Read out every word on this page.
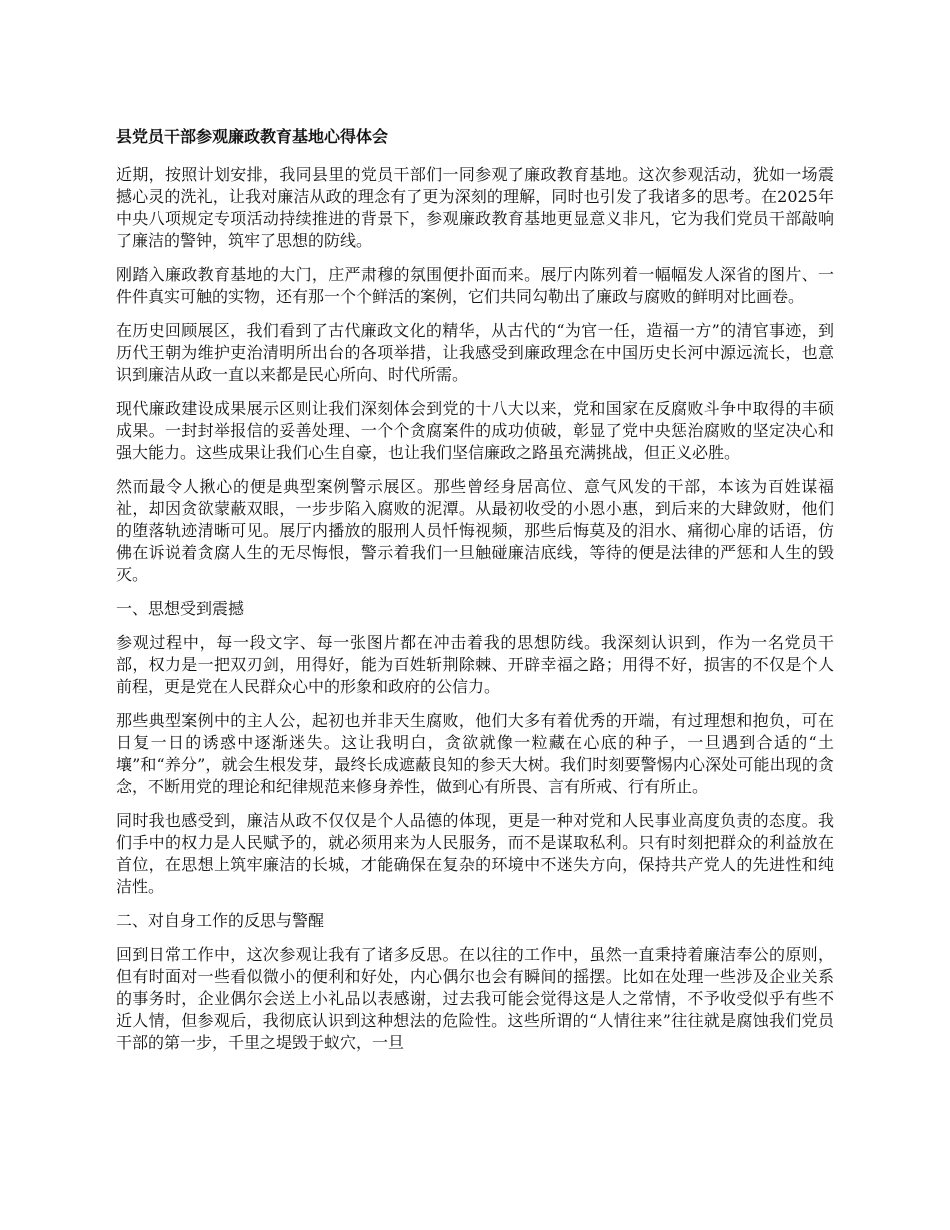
县党员干部参观廉政教育基地心得体会

近期，按照计划安排，我同县里的党员干部们一同参观了廉政教育基地。这次参观活动，犹如一场震撼心灵的洗礼，让我对廉洁从政的理念有了更为深刻的理解，同时也引发了我诸多的思考。在2025年中央八项规定专项活动持续推进的背景下，参观廉政教育基地更显意义非凡，它为我们党员干部敲响了廉洁的警钟，筑牢了思想的防线。

刚踏入廉政教育基地的大门，庄严肃穆的氛围便扑面而来。展厅内陈列着一幅幅发人深省的图片、一件件真实可触的实物，还有那一个个鲜活的案例，它们共同勾勒出了廉政与腐败的鲜明对比画卷。

在历史回顾展区，我们看到了古代廉政文化的精华，从古代的“为官一任，造福一方”的清官事迹，到历代王朝为维护吏治清明所出台的各项举措，让我感受到廉政理念在中国历史长河中源远流长，也意识到廉洁从政一直以来都是民心所向、时代所需。

现代廉政建设成果展示区则让我们深刻体会到党的十八大以来，党和国家在反腐败斗争中取得的丰硕成果。一封封举报信的妥善处理、一个个贪腐案件的成功侦破，彰显了党中央惩治腐败的坚定决心和强大能力。这些成果让我们心生自豪，也让我们坚信廉政之路虽充满挑战，但正义必胜。

然而最令人揪心的便是典型案例警示展区。那些曾经身居高位、意气风发的干部，本该为百姓谋福祉，却因贪欲蒙蔽双眼，一步步陷入腐败的泥潭。从最初收受的小恩小惠，到后来的大肆敛财，他们的堕落轨迹清晰可见。展厅内播放的服刑人员忏悔视频，那些后悔莫及的泪水、痛彻心扉的话语，仿佛在诉说着贪腐人生的无尽悔恨，警示着我们一旦触碰廉洁底线，等待的便是法律的严惩和人生的毁灭。

一、思想受到震撼

参观过程中，每一段文字、每一张图片都在冲击着我的思想防线。我深刻认识到，作为一名党员干部，权力是一把双刃剑，用得好，能为百姓斩荆除棘、开辟幸福之路；用得不好，损害的不仅是个人前程，更是党在人民群众心中的形象和政府的公信力。

那些典型案例中的主人公，起初也并非天生腐败，他们大多有着优秀的开端，有过理想和抱负，可在日复一日的诱惑中逐渐迷失。这让我明白，贪欲就像一粒藏在心底的种子，一旦遇到合适的“土壤”和“养分”，就会生根发芽，最终长成遮蔽良知的参天大树。我们时刻要警惕内心深处可能出现的贪念，不断用党的理论和纪律规范来修身养性，做到心有所畏、言有所戒、行有所止。

同时我也感受到，廉洁从政不仅仅是个人品德的体现，更是一种对党和人民事业高度负责的态度。我们手中的权力是人民赋予的，就必须用来为人民服务，而不是谋取私利。只有时刻把群众的利益放在首位，在思想上筑牢廉洁的长城，才能确保在复杂的环境中不迷失方向，保持共产党人的先进性和纯洁性。

二、对自身工作的反思与警醒

回到日常工作中，这次参观让我有了诸多反思。在以往的工作中，虽然一直秉持着廉洁奉公的原则，但有时面对一些看似微小的便利和好处，内心偶尔也会有瞬间的摇摆。比如在处理一些涉及企业关系的事务时，企业偶尔会送上小礼品以表感谢，过去我可能会觉得这是人之常情，不予收受似乎有些不近人情，但参观后，我彻底认识到这种想法的危险性。这些所谓的“人情往来”往往就是腐蚀我们党员干部的第一步，千里之堤毁于蚁穴，一旦
